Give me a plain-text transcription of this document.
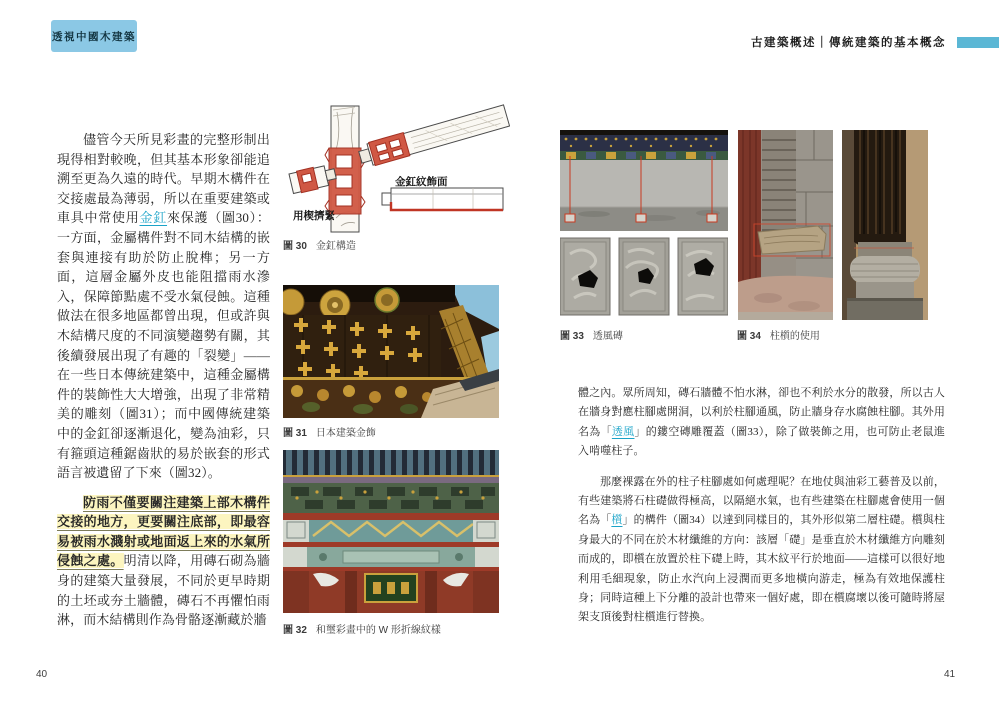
透視中國木建築
古建築概述｜傳統建築的基本概念

儘管今天所見彩畫的完整形制出現得相對較晚，但其基本形象卻能追溯至更為久遠的時代。早期木構件在交接處最為薄弱，所以在重要建築或車具中常使用金釭來保護（圖30）：一方面，金屬構件對不同木結構的嵌套與連接有助於防止脫榫；另一方面，這層金屬外皮也能阻擋雨水滲入，保障節點處不受水氣侵蝕。這種做法在很多地區都曾出現，但或許與木結構尺度的不同演變趨勢有關，其後續發展出現了有趣的「裂變」——在一些日本傳統建築中，這種金屬構件的裝飾性大大增強，出現了非常精美的雕刻（圖31）；而中國傳統建築中的金釭卻逐漸退化，變為油彩，只有箍頭這種鋸齒狀的易於嵌套的形式語言被遺留了下來（圖32）。

防雨不僅要關注建築上部木構件交接的地方，更要關注底部，即最容易被雨水濺射或地面返上來的水氣所侵蝕之處。明清以降，用磚石砌為牆身的建築大量發展，不同於更早時期的土坯或夯土牆體，磚石不再懼怕雨淋，而木結構則作為骨骼逐漸藏於牆

金釭紋飾面
用楔擠緊
圖 30 金釭構造
圖 31 日本建築金飾
圖 32 和璽彩畫中的 W 形折線紋樣
圖 33 透風磚	圖 34 柱櫍的使用

體之內。眾所周知，磚石牆體不怕水淋，卻也不利於水分的散發，所以古人在牆身對應柱腳處開洞，以利於柱腳通風，防止牆身存水腐蝕柱腳。其外用名為「透風」的鏤空磚雕覆蓋（圖33），除了做裝飾之用，也可防止老鼠進入啃噬柱子。

那麼裸露在外的柱子柱腳處如何處理呢？在地仗與油彩工藝普及以前，有些建築將石柱礎做得極高，以隔絕水氣，也有些建築在柱腳處會使用一個名為「櫍」的構件（圖34）以達到同樣目的，其外形似第二層柱礎。櫍與柱身最大的不同在於木材纖維的方向：該層「礎」是垂直於木材纖維方向雕刻而成的，即櫍在放置於柱下礎上時，其木紋平行於地面——這樣可以很好地利用毛細現象，防止水汽向上浸潤而更多地橫向游走，極為有效地保護柱身；同時這種上下分離的設計也帶來一個好處，即在櫍腐壞以後可隨時將屋架支頂後對柱櫍進行替換。

40	41
